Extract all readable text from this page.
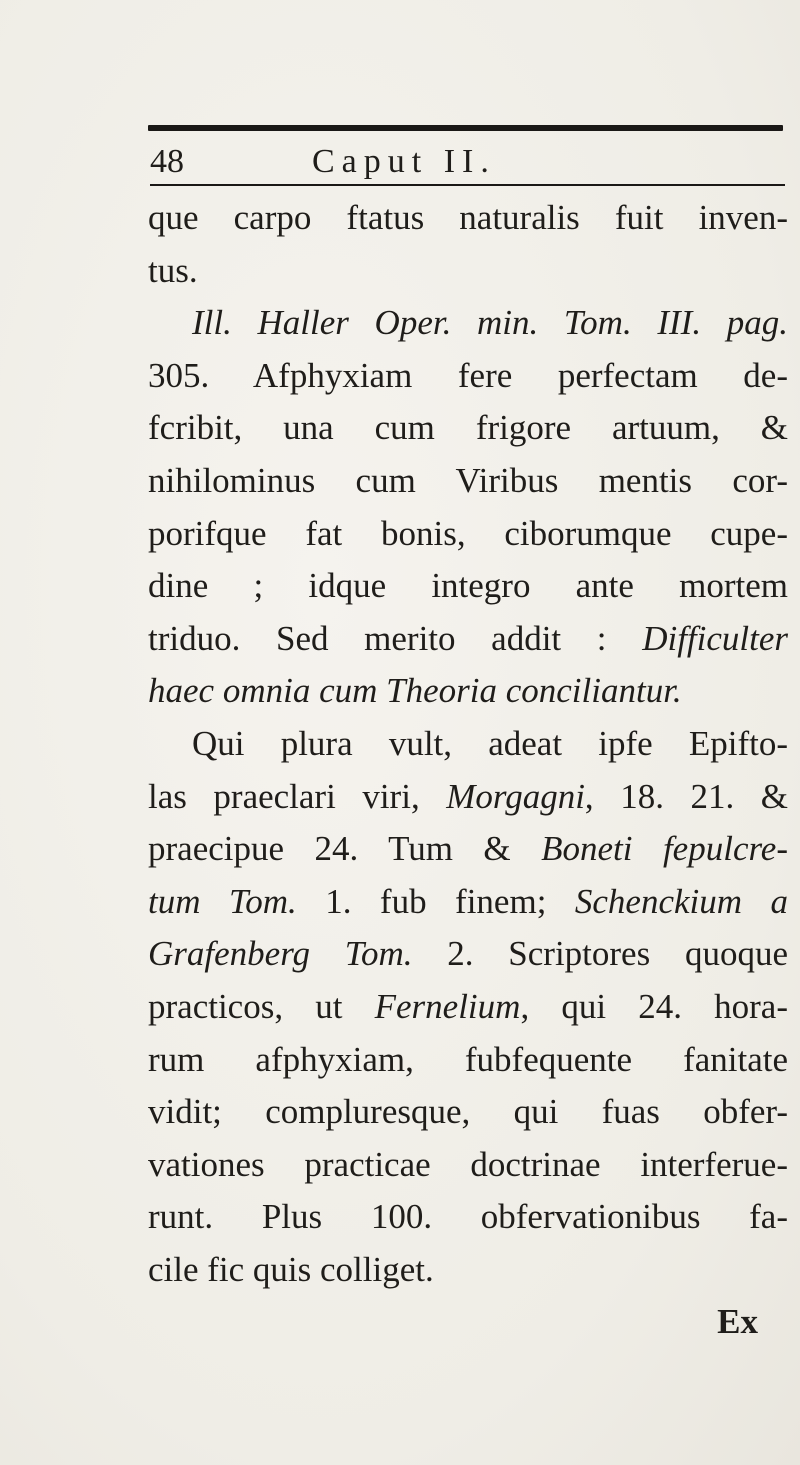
48	Caput II.
que carpo ftatus naturalis fuit inven-
tus.
Ill. Haller Oper. min. Tom. III. pag.
305. Afphyxiam fere perfectam de-
fcribit, una cum frigore artuum, &
nihilominus cum Viribus mentis cor-
porifque fat bonis, ciborumque cupe-
dine ; idque integro ante mortem
triduo. Sed merito addit : Difficulter
haec omnia cum Theoria conciliantur.
Qui plura vult, adeat ipfe Epifto-
las praeclari viri, Morgagni, 18. 21. &
praecipue 24. Tum & Boneti fepulcre-
tum Tom. 1. fub finem; Schenckium a
Grafenberg Tom. 2. Scriptores quoque
practicos, ut Fernelium, qui 24. hora-
rum afphyxiam, fubfequente fanitate
vidit; compluresque, qui fuas obfer-
vationes practicae doctrinae interferue-
runt. Plus 100. obfervationibus fa-
cile fic quis colliget.
Ex
